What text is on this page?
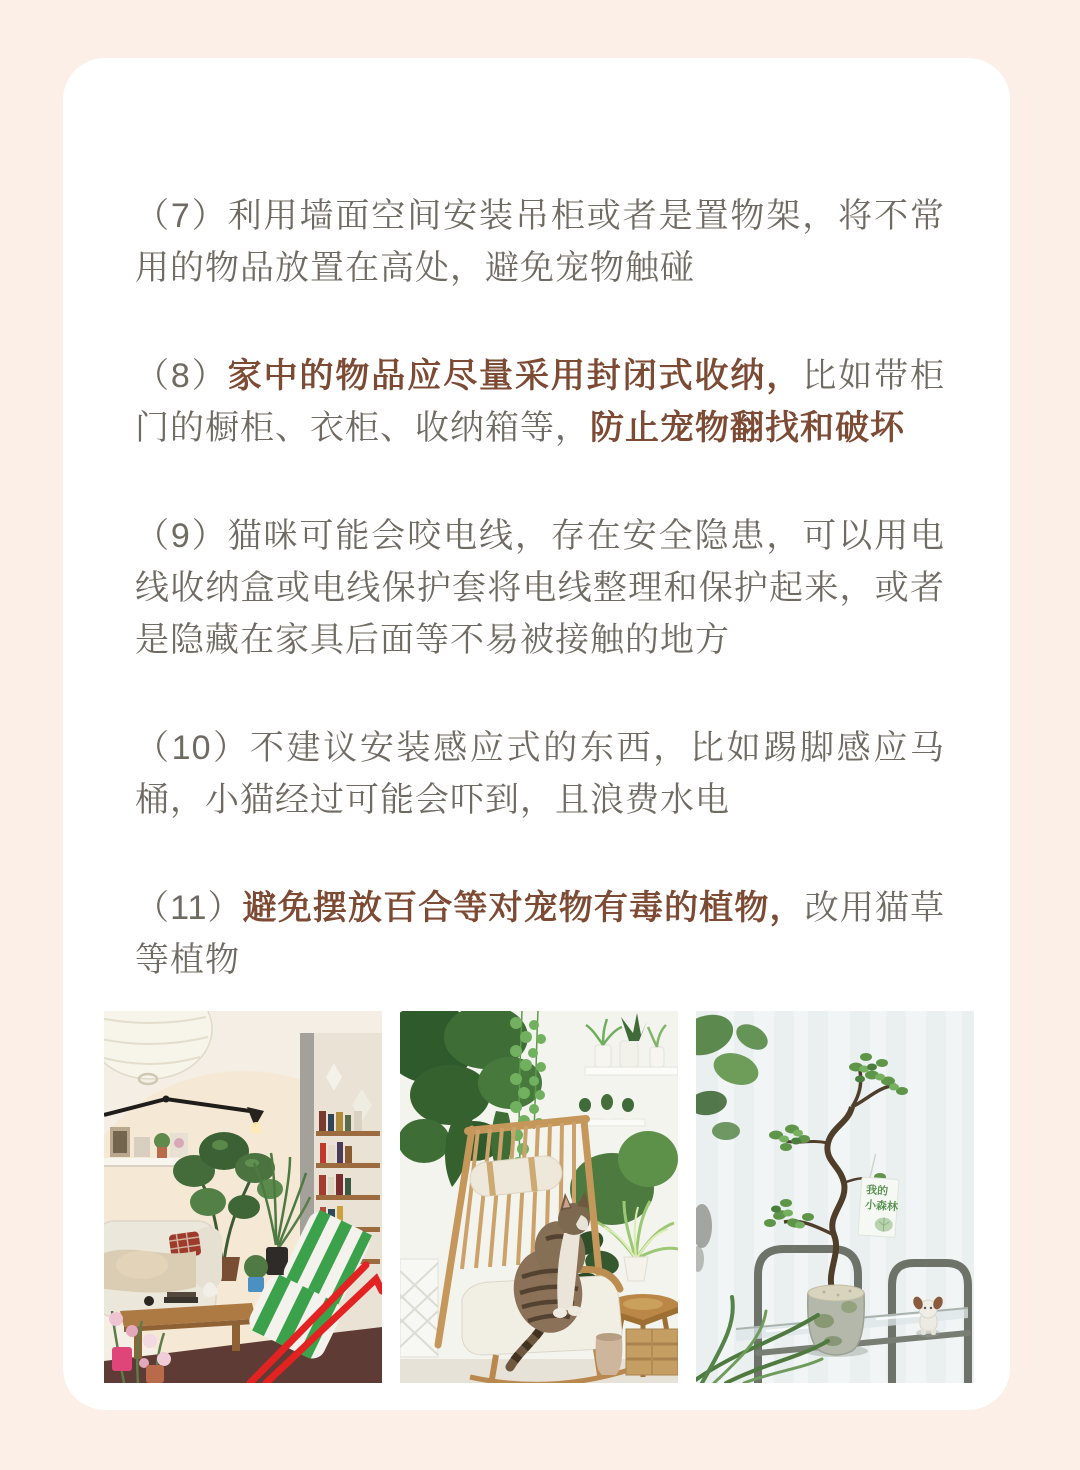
（7）利用墙面空间安装吊柜或者是置物架，将不常用的物品放置在高处，避免宠物触碰

（8）家中的物品应尽量采用封闭式收纳，比如带柜门的橱柜、衣柜、收纳箱等，防止宠物翻找和破坏

（9）猫咪可能会咬电线，存在安全隐患，可以用电线收纳盒或电线保护套将电线整理和保护起来，或者是隐藏在家具后面等不易被接触的地方

（10）不建议安装感应式的东西，比如踢脚感应马桶，小猫经过可能会吓到，且浪费水电

（11）避免摆放百合等对宠物有毒的植物，改用猫草等植物

我的
小森林
